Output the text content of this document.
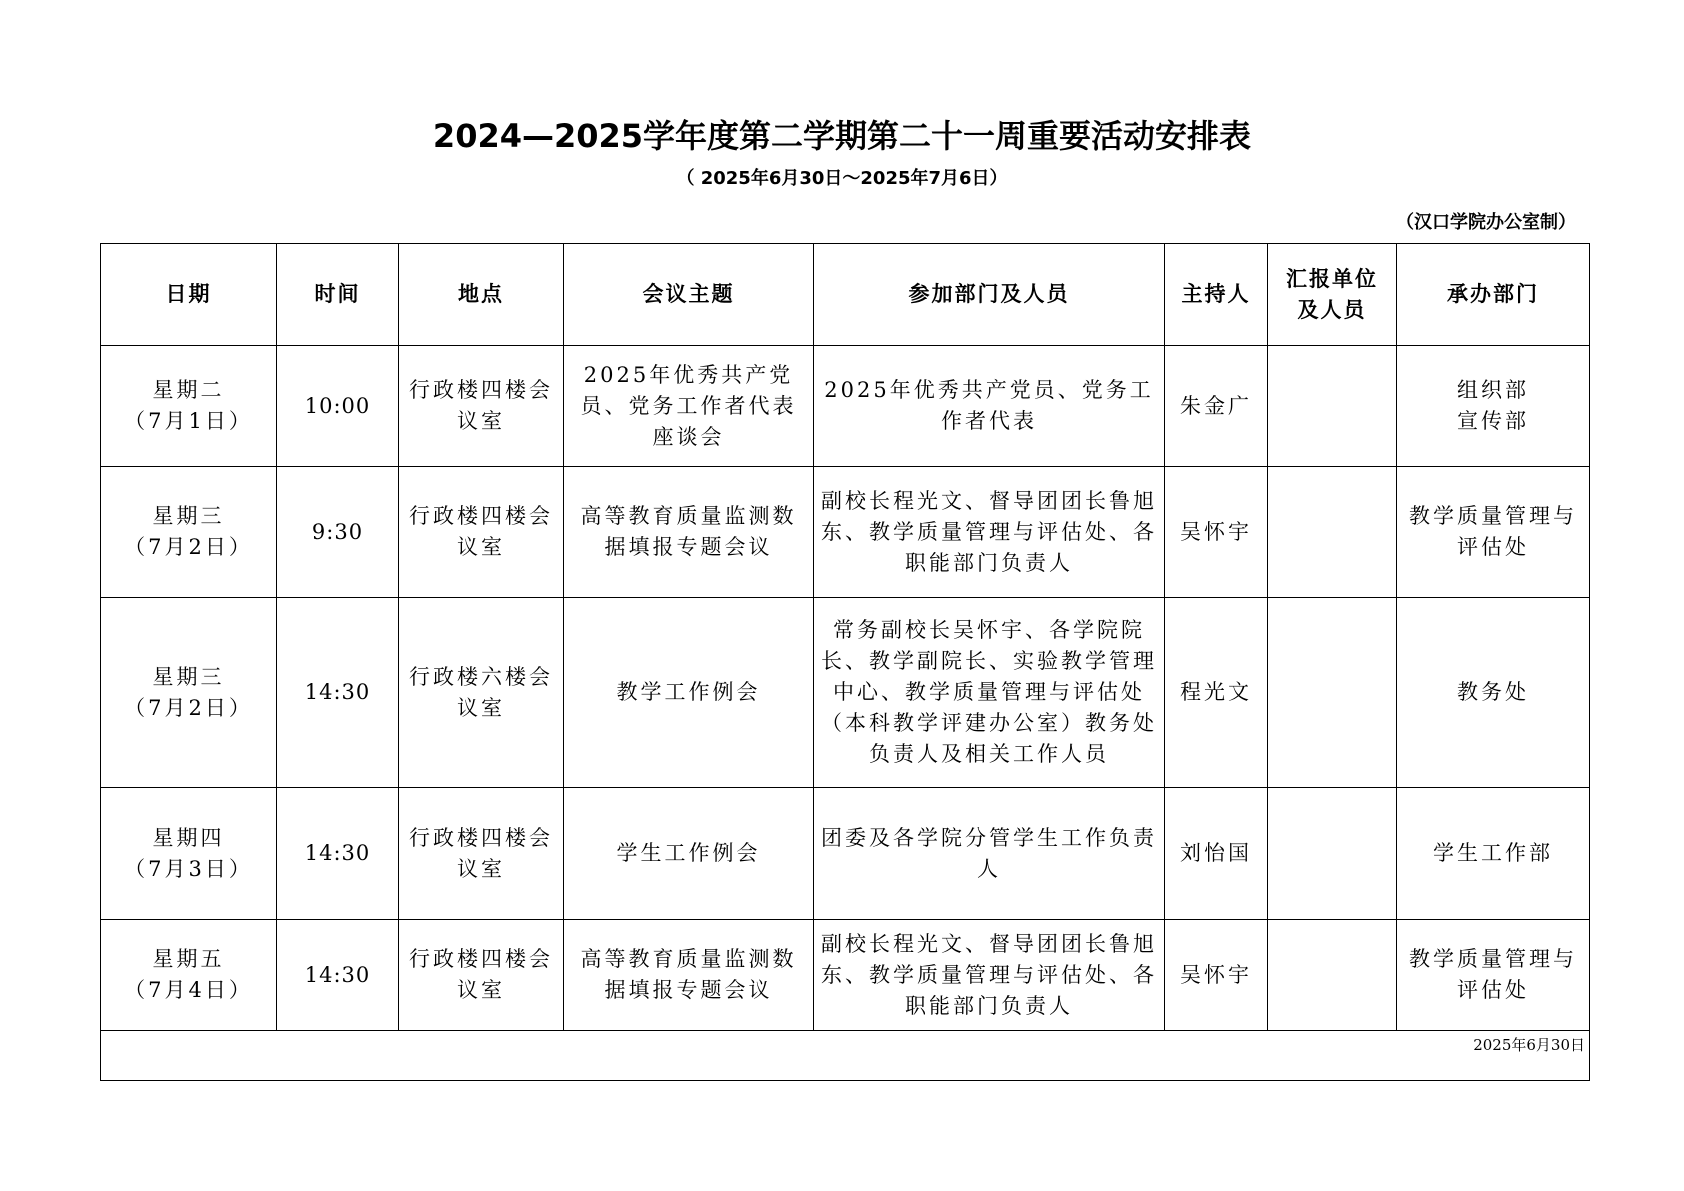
2024—2025学年度第二学期第二十一周重要活动安排表
（ 2025年6月30日～2025年7月6日）
（汉口学院办公室制）
日期	时间	地点	会议主题	参加部门及人员	主持人	汇报单位
及人员	承办部门

星期二
（7月1日）	10:00	行政楼四楼会议室	2025年优秀共产党员、党务工作者代表座谈会	2025年优秀共产党员、党务工作者代表	朱金广		组织部
宣传部

星期三
（7月2日）	9:30	行政楼四楼会议室	高等教育质量监测数据填报专题会议	副校长程光文、督导团团长鲁旭东、教学质量管理与评估处、各职能部门负责人	吴怀宇		教学质量管理与评估处

星期三
（7月2日）	14:30	行政楼六楼会议室	教学工作例会	常务副校长吴怀宇、各学院院长、教学副院长、实验教学管理中心、教学质量管理与评估处（本科教学评建办公室）教务处负责人及相关工作人员	程光文		教务处

星期四
（7月3日）	14:30	行政楼四楼会议室	学生工作例会	团委及各学院分管学生工作负责人	刘怡国		学生工作部

星期五
（7月4日）	14:30	行政楼四楼会议室	高等教育质量监测数据填报专题会议	副校长程光文、督导团团长鲁旭东、教学质量管理与评估处、各职能部门负责人	吴怀宇		教学质量管理与评估处

2025年6月30日							
